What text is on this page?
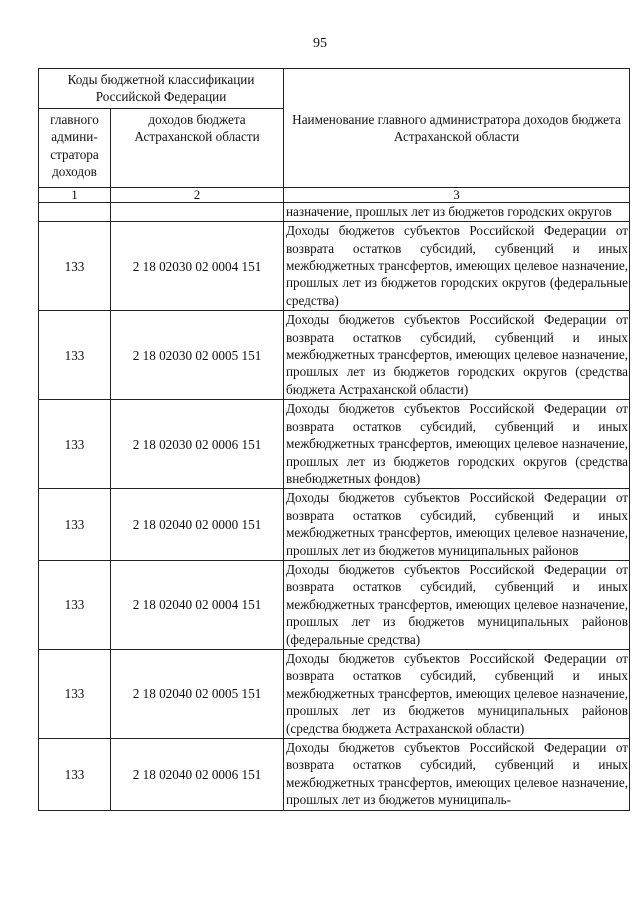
95
Коды бюджетной классификации Российской Федерации		Наименование главного администратора доходов бюджета Астраханской области
главного админи-стратора доходов	доходов бюджета Астраханской области	
1	2	3
		назначение, прошлых лет из бюджетов городских округов
133	2 18 02030 02 0004 151	Доходы бюджетов субъектов Российской Федерации от возврата остатков субсидий, субвенций и иных межбюджетных трансфертов, имеющих целевое назначение, прошлых лет из бюджетов городских округов (федеральные средства)
133	2 18 02030 02 0005 151	Доходы бюджетов субъектов Российской Федерации от возврата остатков субсидий, субвенций и иных межбюджетных трансфертов, имеющих целевое назначение, прошлых лет из бюджетов городских округов (средства бюджета Астраханской области)
133	2 18 02030 02 0006 151	Доходы бюджетов субъектов Российской Федерации от возврата остатков субсидий, субвенций и иных межбюджетных трансфертов, имеющих целевое назначение, прошлых лет из бюджетов городских округов (средства внебюджетных фондов)
133	2 18 02040 02 0000 151	Доходы бюджетов субъектов Российской Федерации от возврата остатков субсидий, субвенций и иных межбюджетных трансфертов, имеющих целевое назначение, прошлых лет из бюджетов муниципальных районов
133	2 18 02040 02 0004 151	Доходы бюджетов субъектов Российской Федерации от возврата остатков субсидий, субвенций и иных межбюджетных трансфертов, имеющих целевое назначение, прошлых лет из бюджетов муниципальных районов (федеральные средства)
133	2 18 02040 02 0005 151	Доходы бюджетов субъектов Российской Федерации от возврата остатков субсидий, субвенций и иных межбюджетных трансфертов, имеющих целевое назначение, прошлых лет из бюджетов муниципальных районов (средства бюджета Астраханской области)
133	2 18 02040 02 0006 151	Доходы бюджетов субъектов Российской Федерации от возврата остатков субсидий, субвенций и иных межбюджетных трансфертов, имеющих целевое назначение, прошлых лет из бюджетов муниципаль-
